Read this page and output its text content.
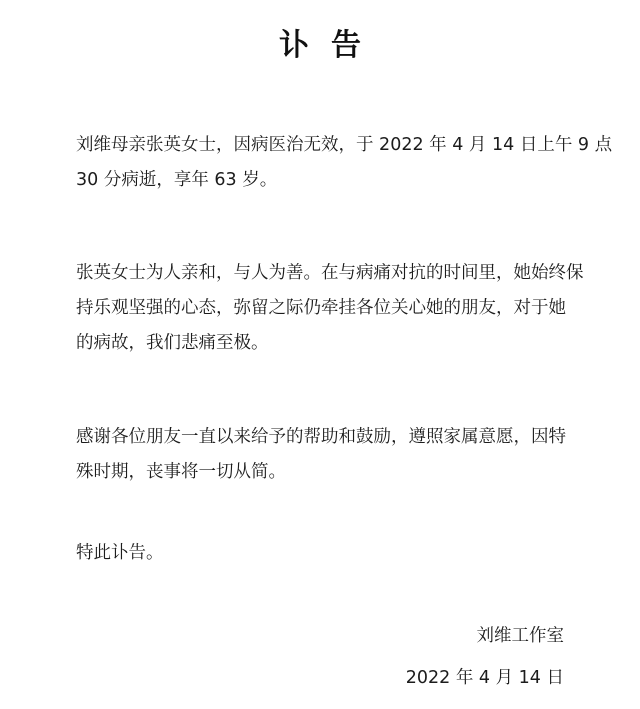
讣告
刘维母亲张英女士，因病医治无效，于 2022 年 4 月 14 日上午 9 点
30 分病逝，享年 63 岁。
张英女士为人亲和，与人为善。在与病痛对抗的时间里，她始终保
持乐观坚强的心态，弥留之际仍牵挂各位关心她的朋友，对于她
的病故，我们悲痛至极。
感谢各位朋友一直以来给予的帮助和鼓励，遵照家属意愿，因特
殊时期，丧事将一切从简。
特此讣告。
刘维工作室
2022 年 4 月 14 日
